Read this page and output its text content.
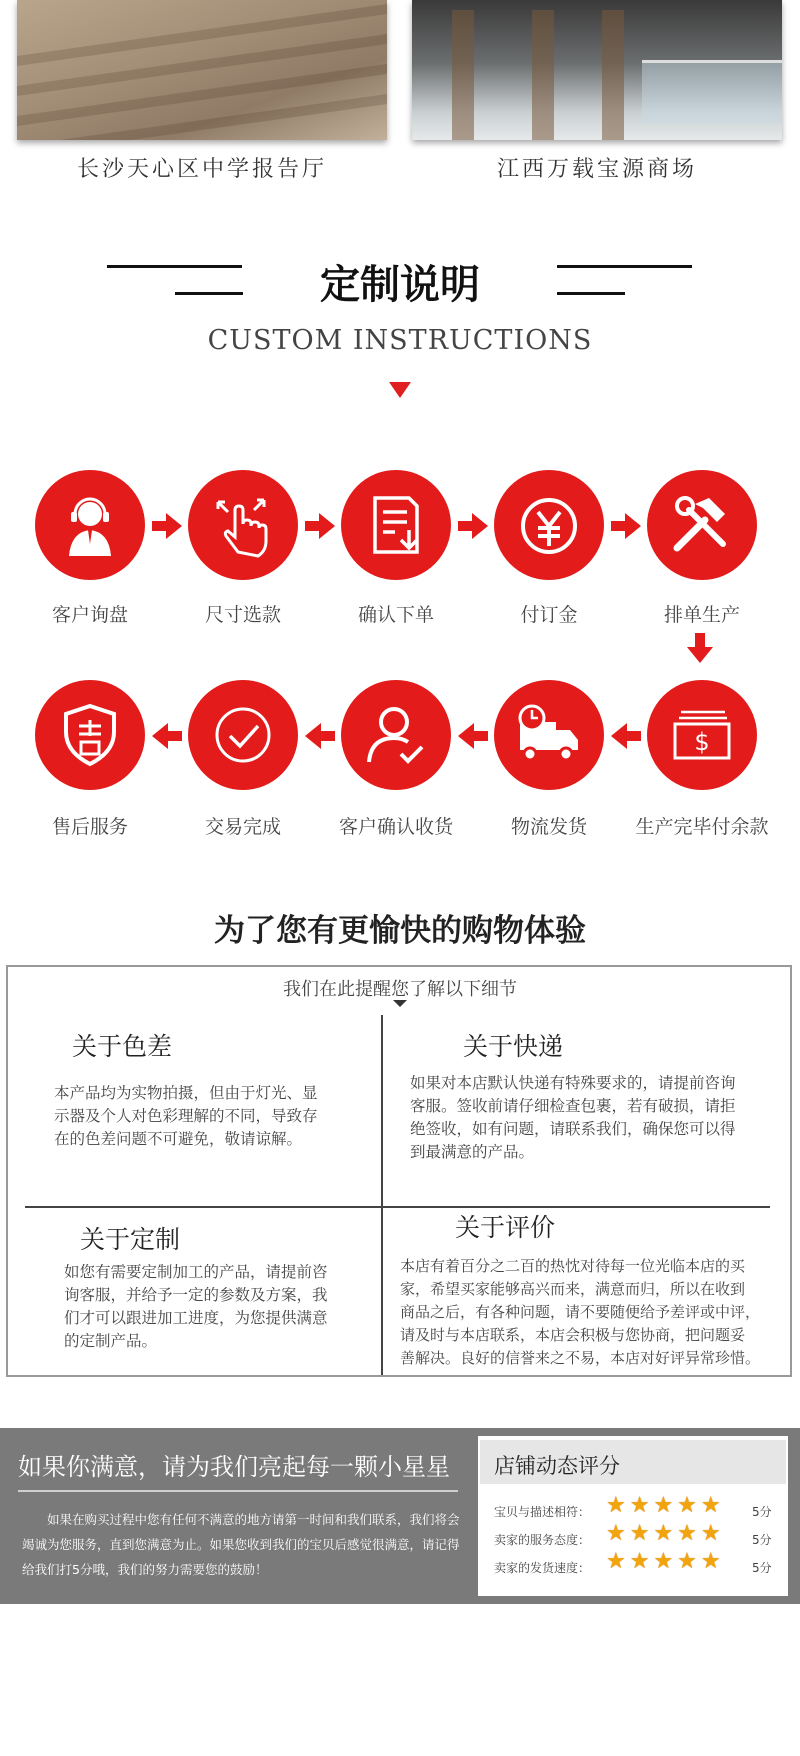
长沙天心区中学报告厅	江西万载宝源商场
定制说明
CUSTOM INSTRUCTIONS
客户询盘	尺寸选款	确认下单	付订金	排单生产
$
售后服务	交易完成	客户确认收货	物流发货	生产完毕付余款
为了您有更愉快的购物体验
我们在此提醒您了解以下细节
关于色差
本产品均为实物拍摄，但由于灯光、显
示器及个人对色彩理解的不同，导致存
在的色差问题不可避免，敬请谅解。
关于快递
如果对本店默认快递有特殊要求的，请提前咨询
客服。签收前请仔细检查包裹，若有破损，请拒
绝签收，如有问题，请联系我们，确保您可以得
到最满意的产品。
关于定制
如您有需要定制加工的产品，请提前咨
询客服，并给予一定的参数及方案，我
们才可以跟进加工进度，为您提供满意
的定制产品。
关于评价
本店有着百分之二百的热忱对待每一位光临本店的买
家，希望买家能够高兴而来，满意而归，所以在收到
商品之后，有各种问题，请不要随便给予差评或中评，
请及时与本店联系，本店会积极与您协商，把问题妥
善解决。良好的信誉来之不易，本店对好评异常珍惜。
如果你满意，请为我们亮起每一颗小星星
如果在购买过程中您有任何不满意的地方请第一时间和我们联系，我们将会竭诚为您服务，直到您满意为止。如果您收到我们的宝贝后感觉很满意，请记得给我们打5分哦，我们的努力需要您的鼓励！
店铺动态评分
宝贝与描述相符： ★★★★★ 5分
卖家的服务态度： ★★★★★ 5分
卖家的发货速度： ★★★★★ 5分
